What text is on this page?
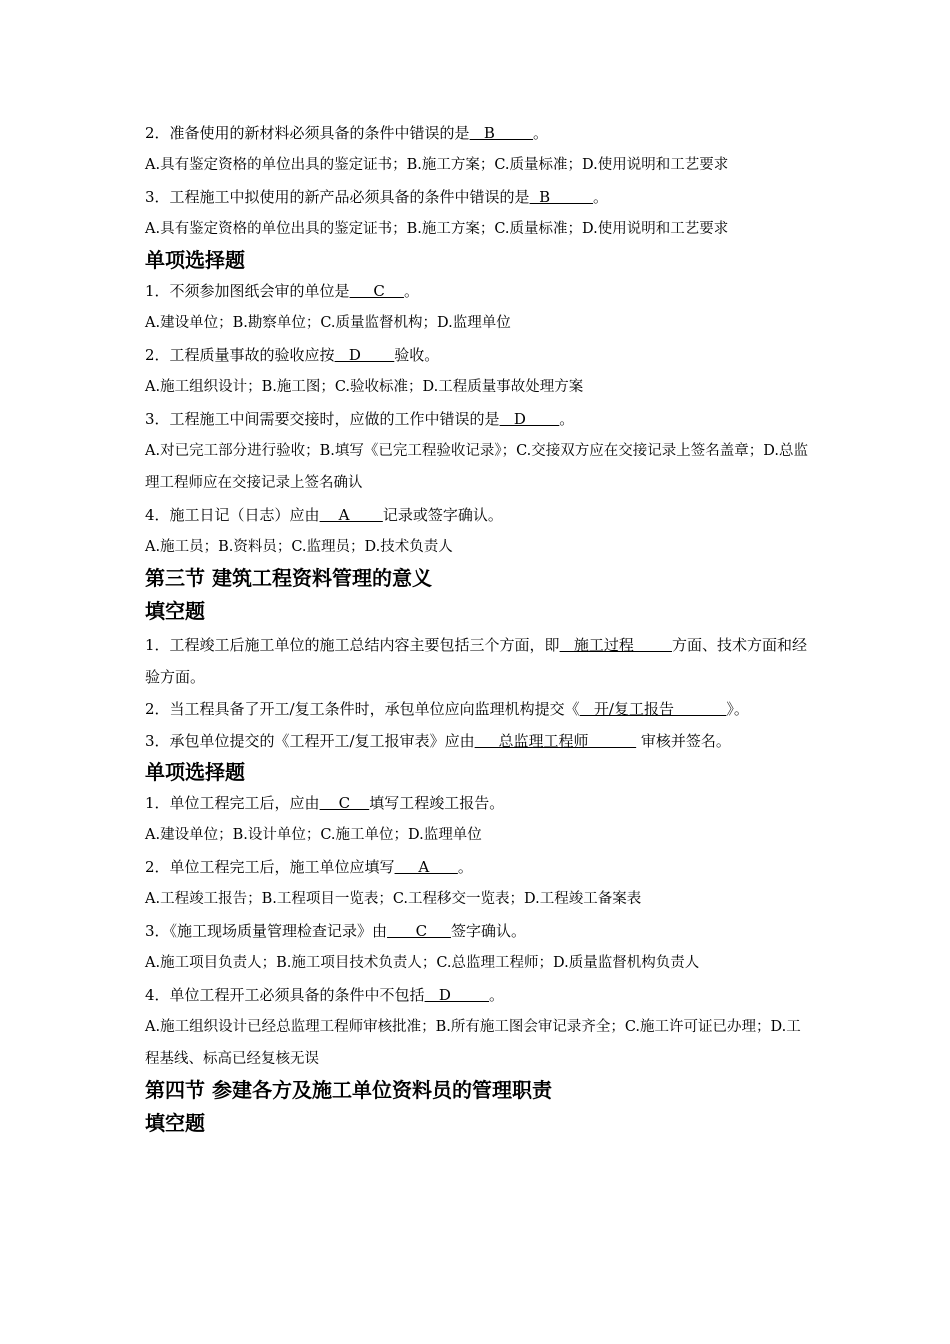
2．准备使用的新材料必须具备的条件中错误的是   B        。

A.具有鉴定资格的单位出具的鉴定证书；B.施工方案；C.质量标准；D.使用说明和工艺要求

3．工程施工中拟使用的新产品必须具备的条件中错误的是  B         。

A.具有鉴定资格的单位出具的鉴定证书；B.施工方案；C.质量标准；D.使用说明和工艺要求

单项选择题

1．不须参加图纸会审的单位是     C    。

A.建设单位；B.勘察单位；C.质量监督机构；D.监理单位

2．工程质量事故的验收应按   D       验收。

A.施工组织设计；B.施工图；C.验收标准；D.工程质量事故处理方案

3．工程施工中间需要交接时，应做的工作中错误的是   D       。

A.对已完工部分进行验收；B.填写《已完工程验收记录》；C.交接双方应在交接记录上签名盖章；D.总监理工程师应在交接记录上签名确认

4．施工日记（日志）应由    A       记录或签字确认。

A.施工员；B.资料员；C.监理员；D.技术负责人

第三节 建筑工程资料管理的意义

填空题

1．工程竣工后施工单位的施工总结内容主要包括三个方面，即   施工过程        方面、技术方面和经验方面。

2．当工程具备了开工/复工条件时，承包单位应向监理机构提交《   开/复工报告           》。

3．承包单位提交的《工程开工/复工报审表》应由     总监理工程师           审核并签名。

单项选择题

1．单位工程完工后，应由    C    填写工程竣工报告。

A.建设单位；B.设计单位；C.施工单位；D.监理单位

2．单位工程完工后，施工单位应填写     A      。

A.工程竣工报告；B.工程项目一览表；C.工程移交一览表；D.工程竣工备案表

3．《施工现场质量管理检查记录》由      C     签字确认。

A.施工项目负责人；B.施工项目技术负责人；C.总监理工程师；D.质量监督机构负责人

4．单位工程开工必须具备的条件中不包括   D        。

A.施工组织设计已经总监理工程师审核批准；B.所有施工图会审记录齐全；C.施工许可证已办理；D.工程基线、标高已经复核无误

第四节 参建各方及施工单位资料员的管理职责

填空题
